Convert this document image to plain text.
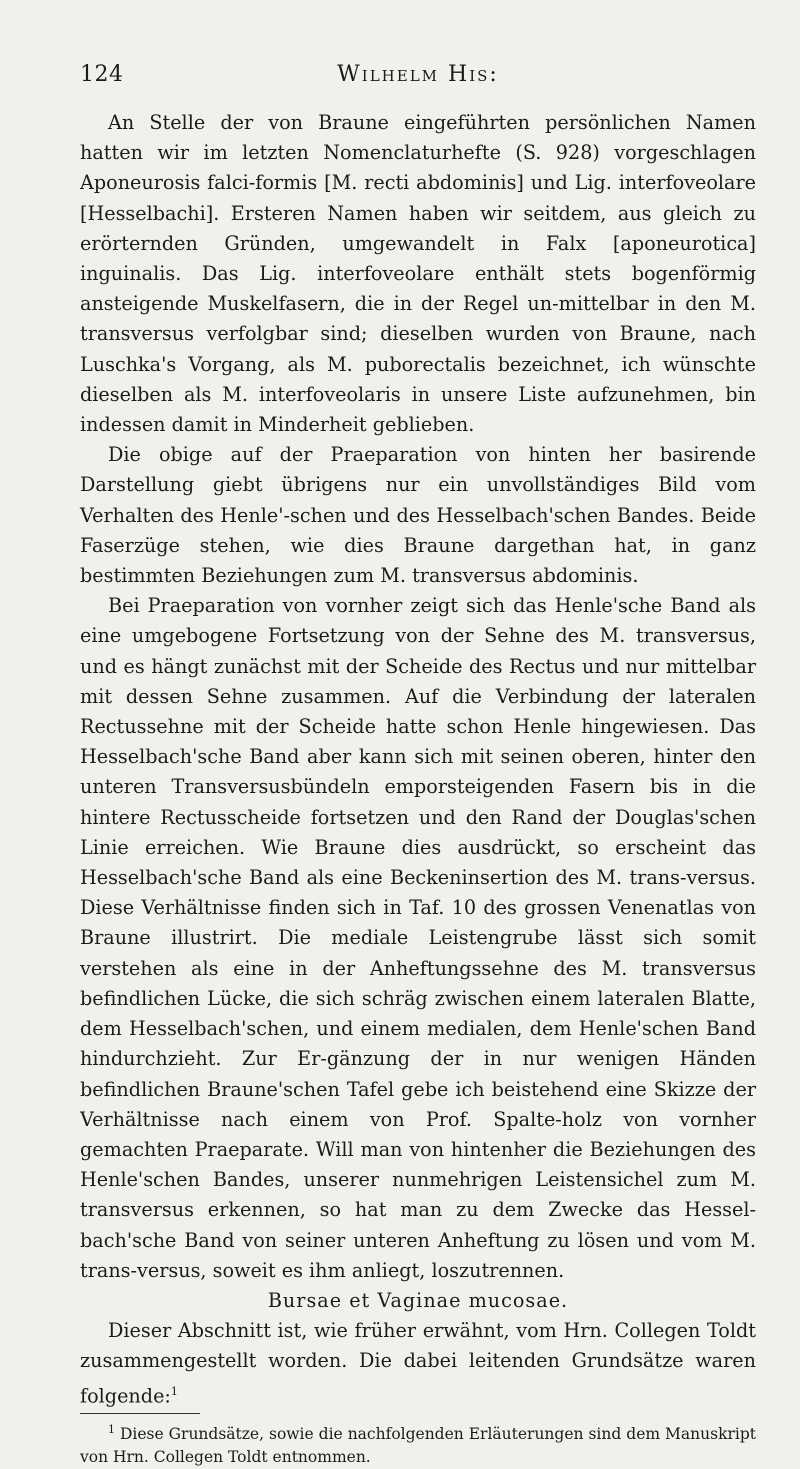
124	Wilhelm His:

An Stelle der von Braune eingeführten persönlichen Namen hatten wir im letzten Nomenclaturhefte (S. 928) vorgeschlagen Aponeurosis falci-formis [M. recti abdominis] und Lig. interfoveolare [Hesselbachi]. Ersteren Namen haben wir seitdem, aus gleich zu erörternden Gründen, umgewandelt in Falx [aponeurotica] inguinalis. Das Lig. interfoveolare enthält stets bogenförmig ansteigende Muskelfasern, die in der Regel un-mittelbar in den M. transversus verfolgbar sind; dieselben wurden von Braune, nach Luschka's Vorgang, als M. puborectalis bezeichnet, ich wünschte dieselben als M. interfoveolaris in unsere Liste aufzunehmen, bin indessen damit in Minderheit geblieben.

Die obige auf der Praeparation von hinten her basirende Darstellung giebt übrigens nur ein unvollständiges Bild vom Verhalten des Henle'-schen und des Hesselbach'schen Bandes. Beide Faserzüge stehen, wie dies Braune dargethan hat, in ganz bestimmten Beziehungen zum M. transversus abdominis.

Bei Praeparation von vornher zeigt sich das Henle'sche Band als eine umgebogene Fortsetzung von der Sehne des M. transversus, und es hängt zunächst mit der Scheide des Rectus und nur mittelbar mit dessen Sehne zusammen. Auf die Verbindung der lateralen Rectussehne mit der Scheide hatte schon Henle hingewiesen. Das Hesselbach'sche Band aber kann sich mit seinen oberen, hinter den unteren Transversusbündeln emporsteigenden Fasern bis in die hintere Rectusscheide fortsetzen und den Rand der Douglas'schen Linie erreichen. Wie Braune dies ausdrückt, so erscheint das Hesselbach'sche Band als eine Beckeninsertion des M. trans-versus. Diese Verhältnisse finden sich in Taf. 10 des grossen Venenatlas von Braune illustrirt. Die mediale Leistengrube lässt sich somit verstehen als eine in der Anheftungssehne des M. transversus befindlichen Lücke, die sich schräg zwischen einem lateralen Blatte, dem Hesselbach'schen, und einem medialen, dem Henle'schen Band hindurchzieht. Zur Er-gänzung der in nur wenigen Händen befindlichen Braune'schen Tafel gebe ich beistehend eine Skizze der Verhältnisse nach einem von Prof. Spalte-holz von vornher gemachten Praeparate. Will man von hintenher die Beziehungen des Henle'schen Bandes, unserer nunmehrigen Leistensichel zum M. transversus erkennen, so hat man zu dem Zwecke das Hessel-bach'sche Band von seiner unteren Anheftung zu lösen und vom M. trans-versus, soweit es ihm anliegt, loszutrennen.

Bursae et Vaginae mucosae.

Dieser Abschnitt ist, wie früher erwähnt, vom Hrn. Collegen Toldt zusammengestellt worden. Die dabei leitenden Grundsätze waren folgende:$^1$

$^1$ Diese Grundsätze, sowie die nachfolgenden Erläuterungen sind dem Manuskript von Hrn. Collegen Toldt entnommen.
